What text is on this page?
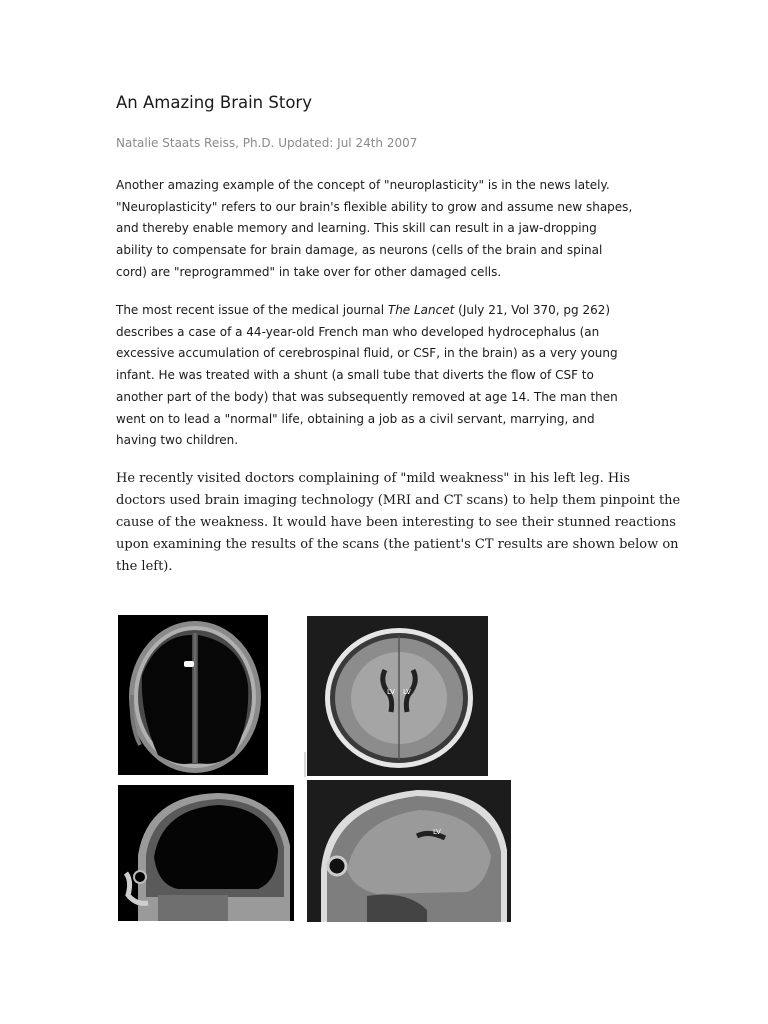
An Amazing Brain Story

Natalie Staats Reiss, Ph.D. Updated: Jul 24th 2007

Another amazing example of the concept of "neuroplasticity" is in the news lately.
"Neuroplasticity" refers to our brain's flexible ability to grow and assume new shapes,
and thereby enable memory and learning. This skill can result in a jaw-dropping
ability to compensate for brain damage, as neurons (cells of the brain and spinal
cord) are "reprogrammed" in take over for other damaged cells.
The most recent issue of the medical journal The Lancet (July 21, Vol 370, pg 262)
describes a case of a 44-year-old French man who developed hydrocephalus (an
excessive accumulation of cerebrospinal fluid, or CSF, in the brain) as a very young
infant. He was treated with a shunt (a small tube that diverts the flow of CSF to
another part of the body) that was subsequently removed at age 14. The man then
went on to lead a "normal" life, obtaining a job as a civil servant, marrying, and
having two children.
He recently visited doctors complaining of "mild weakness" in his left leg. His
doctors used brain imaging technology (MRI and CT scans) to help them pinpoint the
cause of the weakness. It would have been interesting to see their stunned reactions
upon examining the results of the scans (the patient's CT results are shown below on
the left).
LV LV
LV
